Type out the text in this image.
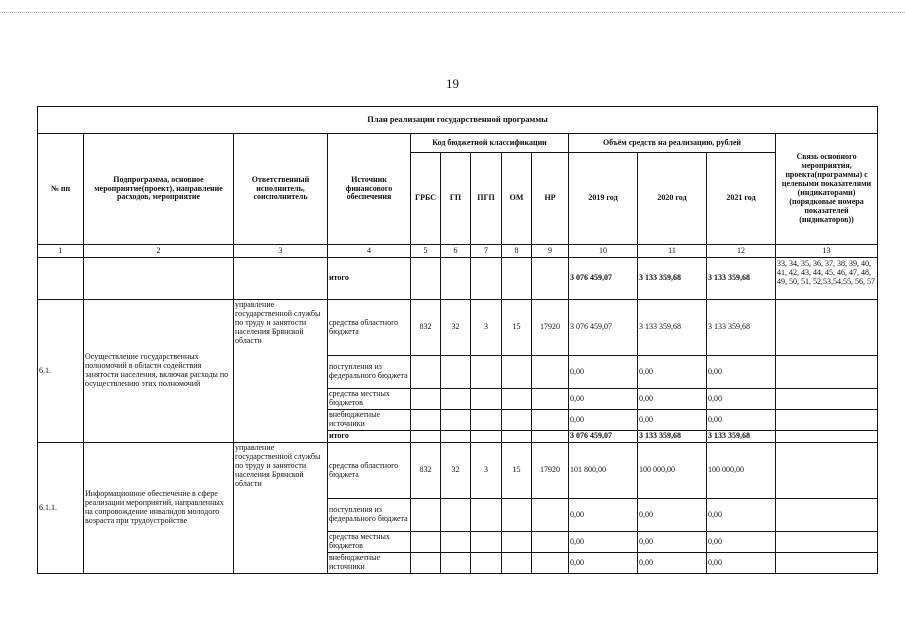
19
План реализации государственной программы												
№ пп	Подпрограмма, основное мероприятие(проект), направление расходов, мероприятие	Ответственный исполнитель, соисполнитель	Источник финансового обеспечения	Код бюджетной классификации					Объём средств на реализацию, рублей			Связь основного мероприятия, проекта(программы) с целевыми показателями (индикаторами) (порядковые номера показателей (индикаторов))
				ГРБС	ГП	ПГП	ОМ	НР	2019 год	2020 год	2021 год	
1	2	3	4	5	6	7	8	9	10	11	12	13
			итого						3 076 459,07	3 133 359,68	3 133 359,68	33, 34, 35, 36, 37, 38, 39, 40, 41, 42, 43, 44, 45, 46, 47, 48, 49, 50, 51, 52,53,54,55, 56, 57
6.1.	Осуществление государственных полномочий в области содействия занятости населения, включая расходы по осуществлению этих полномочий	управление государственной службы по труду и занятости населения Брянской области	средства областного бюджета	832	32	3	15	17920	3 076 459,07	3 133 359,68	3 133 359,68	
			поступления из федерального бюджета						0,00	0,00	0,00	
			средства местных бюджетов						0,00	0,00	0,00	
			внебюджетные источники						0,00	0,00	0,00	
			итого						3 076 459,07	3 133 359,68	3 133 359,68	
6.1.1.	Информационное обеспечение в сфере реализации мероприятий, направленных на сопровождение инвалидов молодого возраста при трудоустройстве	управление государственной службы по труду и занятости населения Брянской области	средства областного бюджета	832	32	3	15	17920	101 800,00	100 000,00	100 000,00	
			поступления из федерального бюджета						0,00	0,00	0,00	
			средства местных бюджетов						0,00	0,00	0,00	
			внебюджетные источники						0,00	0,00	0,00	
